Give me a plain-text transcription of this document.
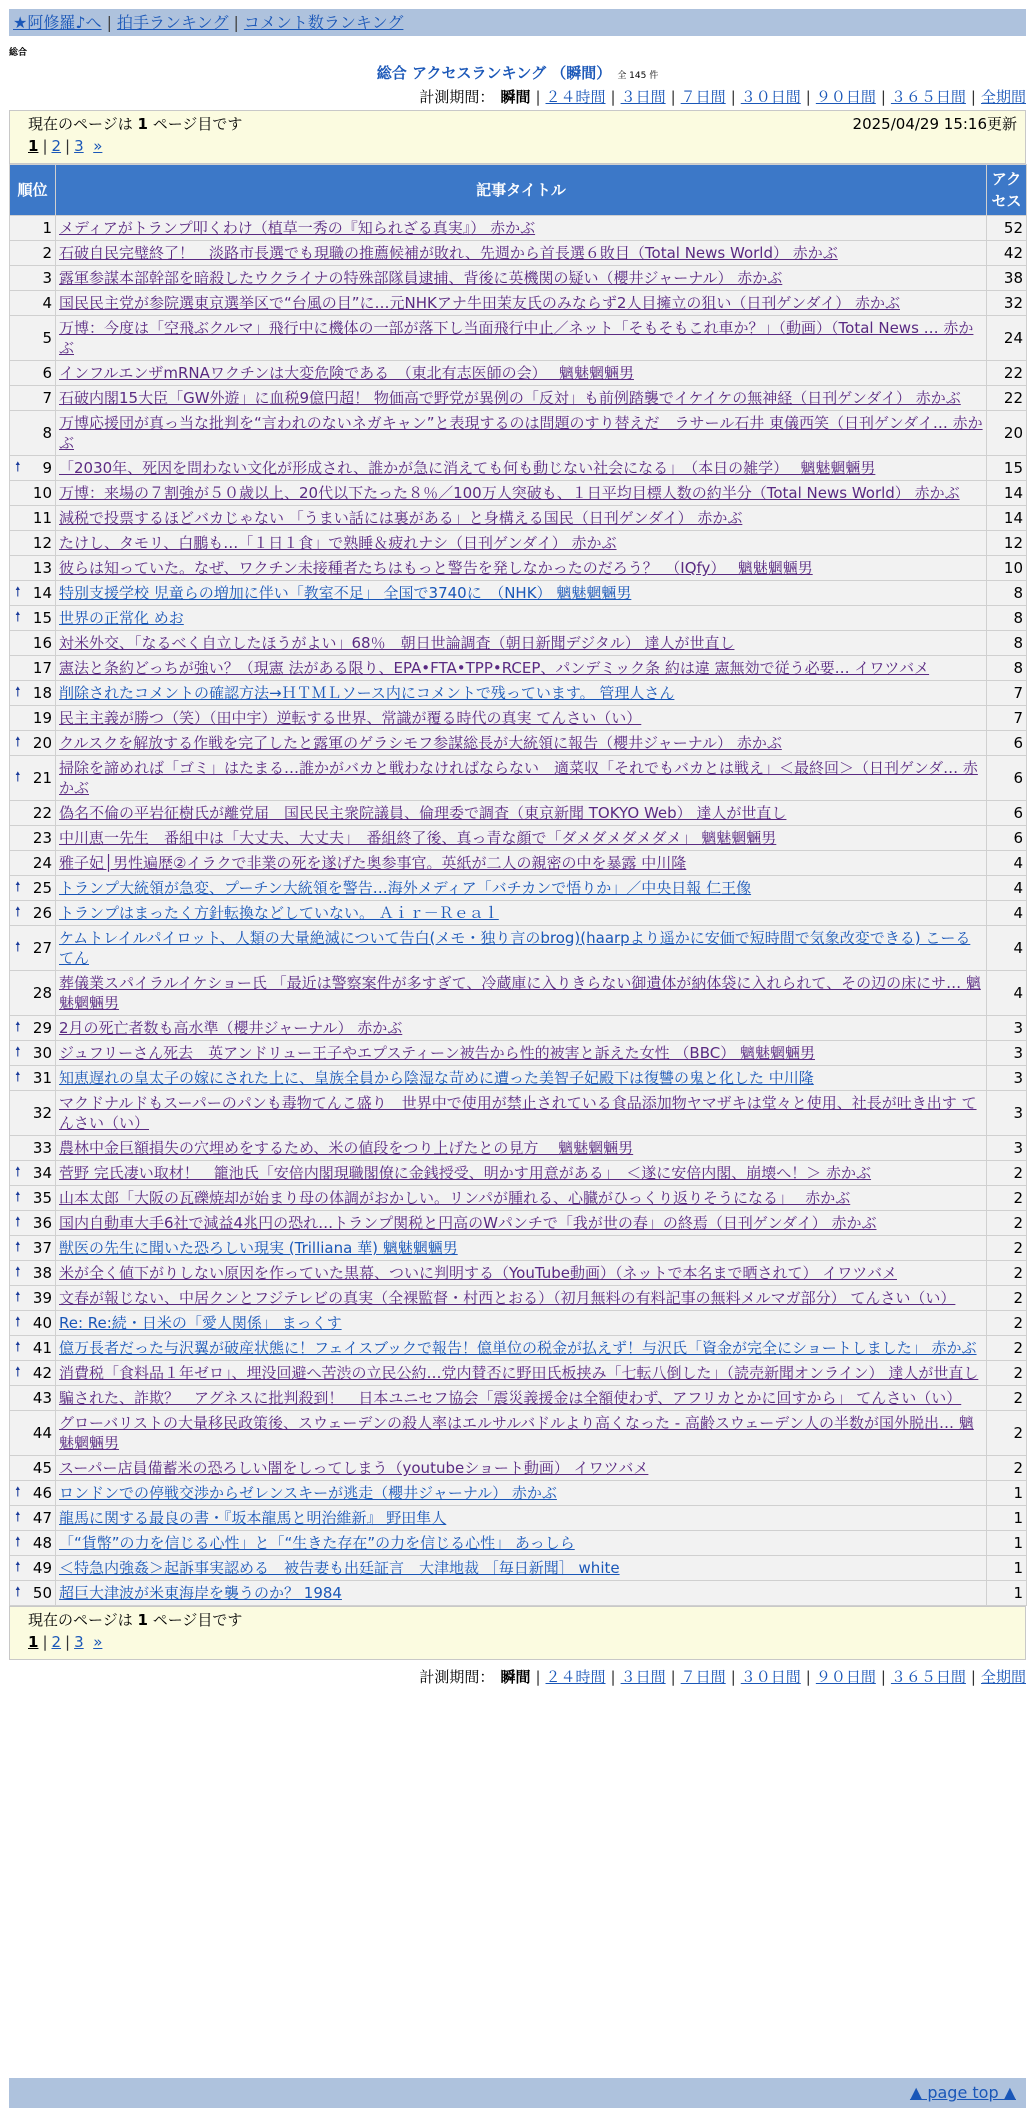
★阿修羅♪へ | 拍手ランキング | コメント数ランキング
総合
総合 アクセスランキング （瞬間） 全 145 件
計測期間： 瞬間 | ２４時間 | ３日間 | ７日間 | ３０日間 | ９０日間 | ３６５日間 | 全期間
現在のページは 1 ページ目です	2025/04/29 15:16更新
1 | 2 | 3 »
順位	記事タイトル	アクセス
1	メディアがトランプ叩くわけ（植草一秀の『知られざる真実』） 赤かぶ	52
2	石破自民完璧終了！　淡路市長選でも現職の推薦候補が敗れ、先週から首長選６敗目（Total News World） 赤かぶ	42
3	露軍参謀本部幹部を暗殺したウクライナの特殊部隊員逮捕、背後に英機関の疑い（櫻井ジャーナル） 赤かぶ	38
4	国民民主党が参院選東京選挙区で“台風の目”に…元NHKアナ牛田茉友氏のみならず2人目擁立の狙い（日刊ゲンダイ） 赤かぶ	32
5	万博：今度は「空飛ぶクルマ」飛行中に機体の一部が落下し当面飛行中止／ネット「そもそもこれ車か？」（動画）（Total News … 赤かぶ	24
6	インフルエンザmRNAワクチンは大変危険である　（東北有志医師の会）　 魑魅魍魎男	22
7	石破内閣15大臣「GW外遊」に血税9億円超！ 物価高で野党が異例の「反対」も前例踏襲でイケイケの無神経（日刊ゲンダイ） 赤かぶ	22
8	万博応援団が真っ当な批判を“言われのないネガキャン”と表現するのは問題のすり替えだ　ラサール石井 東儀西笑（日刊ゲンダイ… 赤かぶ	20

🠕 9	「2030年、死因を問わない文化が形成され、誰かが急に消えても何も動じない社会になる」　（本日の雑学）　 魑魅魍魎男	15
10	万博：来場の７割強が５０歳以上、20代以下たった８％／100万人突破も、１日平均目標人数の約半分（Total News World） 赤かぶ	14
11	減税で投票するほどバカじゃない 「うまい話には裏がある」と身構える国民（日刊ゲンダイ） 赤かぶ	14
12	たけし、タモリ、白鵬も…「１日１食」で熟睡＆疲れナシ（日刊ゲンダイ） 赤かぶ	12
13	彼らは知っていた。なぜ、ワクチン未接種者たちはもっと警告を発しなかったのだろう？　（IQfy）　 魑魅魍魎男	10

🠕 14	特別支援学校 児童らの増加に伴い「教室不足」 全国で3740に　（NHK） 魑魅魍魎男	8

🠕 15	世界の正常化 めお	8
16	対米外交、「なるべく自立したほうがよい」68％　朝日世論調査（朝日新聞デジタル） 達人が世直し	8
17	憲法と条約どっちが強い？（現憲 法がある限り、EPA•FTA•TPP•RCEP、パンデミック条 約は違 憲無効で従う必要… イワツバメ	8

🠕 18	削除されたコメントの確認方法→ＨＴＭＬソース内にコメントで残っています。 管理人さん	7
19	民主主義が勝つ（笑）（田中宇）逆転する世界、常識が覆る時代の真実 てんさい（い）	7

🠕 20	クルスクを解放する作戦を完了したと露軍のゲラシモフ参謀総長が大統領に報告（櫻井ジャーナル） 赤かぶ	6

🠕 21	掃除を諦めれば「ゴミ」はたまる…誰かがバカと戦わなければならない　適菜収「それでもバカとは戦え」＜最終回＞（日刊ゲンダ… 赤かぶ	6
22	偽名不倫の平岩征樹氏が離党届　国民民主衆院議員、倫理委で調査（東京新聞 TOKYO Web） 達人が世直し	6
23	中川恵一先生　番組中は「大丈夫、大丈夫」　番組終了後、真っ青な顔で「ダメダメダメダメ」 魑魅魍魎男	6
24	雅子妃│男性遍歴②イラクで非業の死を遂げた奥参事官。英紙が二人の親密の中を暴露 中川隆	4

🠕 25	トランプ大統領が急変、プーチン大統領を警告…海外メディア「バチカンで悟りか」／中央日報 仁王像	4

🠕 26	トランプはまったく方針転換などしていない。 Ａｉｒ－Ｒｅａｌ	4

🠕 27	ケムトレイルパイロット、人類の大量絶滅について告白(メモ・独り言のbrog)(haarpより遥かに安価で短時間で気象改変できる) こーるてん	4
28	葬儀業スパイラルイケショー氏 「最近は警察案件が多すぎて、冷蔵庫に入りきらない御遺体が納体袋に入れられて、その辺の床にサ… 魑魅魍魎男	4

🠕 29	2月の死亡者数も高水準（櫻井ジャーナル） 赤かぶ	3

🠕 30	ジュフリーさん死去　英アンドリュー王子やエプスティーン被告から性的被害と訴えた女性 （BBC） 魑魅魍魎男	3

🠕 31	知恵遅れの皇太子の嫁にされた上に、皇族全員から陰湿な苛めに遭った美智子妃殿下は復讐の鬼と化した 中川隆	3
32	マクドナルドもスーパーのパンも毒物てんこ盛り　世界中で使用が禁止されている食品添加物ヤマザキは堂々と使用、社長が吐き出す てんさい（い）	3
33	農林中金巨額損失の穴埋めをするため、米の値段をつり上げたとの見方　 魑魅魍魎男	3

🠕 34	菅野 完氏凄い取材！　籠池氏「安倍内閣現職閣僚に金銭授受、明かす用意がある」　＜遂に安倍内閣、崩壊へ！＞ 赤かぶ	2

🠕 35	山本太郎「大阪の瓦礫焼却が始まり母の体調がおかしい。リンパが腫れる、心臓がひっくり返りそうになる」　 赤かぶ	2

🠕 36	国内自動車大手6社で減益4兆円の恐れ…トランプ関税と円高のWパンチで「我が世の春」の終焉（日刊ゲンダイ） 赤かぶ	2

🠕 37	獣医の先生に聞いた恐ろしい現実 (Trilliana 華) 魑魅魍魎男	2

🠕 38	米が全く値下がりしない原因を作っていた黒幕、ついに判明する（YouTube動画）（ネットで本名まで晒されて） イワツバメ	2

🠕 39	文春が報じない、中居クンとフジテレビの真実（全裸監督・村西とおる）（初月無料の有料記事の無料メルマガ部分） てんさい（い）	2

🠕 40	Re: Re:続・日米の「愛人関係」 まっくす	2

🠕 41	億万長者だった与沢翼が破産状態に！フェイスブックで報告！億単位の税金が払えず！与沢氏「資金が完全にショートしました」 赤かぶ	2

🠕 42	消費税「食料品１年ゼロ」、埋没回避へ苦渋の立民公約…党内賛否に野田氏板挟み「七転八倒した」（読売新聞オンライン） 達人が世直し	2
43	騙された、詐欺？　アグネスに批判殺到！　日本ユニセフ協会「震災義援金は全額使わず、アフリカとかに回すから」 てんさい（い）	2
44	グローバリストの大量移民政策後、スウェーデンの殺人率はエルサルバドルより高くなった - 高齢スウェーデン人の半数が国外脱出… 魑魅魍魎男	2
45	スーパー店員備蓄米の恐ろしい闇をしってしまう（youtubeショート動画） イワツバメ	2

🠕 46	ロンドンでの停戦交渉からゼレンスキーが逃走（櫻井ジャーナル） 赤かぶ	1

🠕 47	龍馬に関する最良の書・『坂本龍馬と明治維新』 野田隼人	1

🠕 48	「“貨幣”の力を信じる心性」と「“生きた存在”の力を信じる心性」 あっしら	1

🠕 49	＜特急内強姦＞起訴事実認める　被告妻も出廷証言　大津地裁 ［毎日新聞］ white	1

🠕 50	超巨大津波が米東海岸を襲うのか？ 1984	1
現在のページは 1 ページ目です
1 | 2 | 3 »
計測期間： 瞬間 | ２４時間 | ３日間 | ７日間 | ３０日間 | ９０日間 | ３６５日間 | 全期間
▲ page top ▲
